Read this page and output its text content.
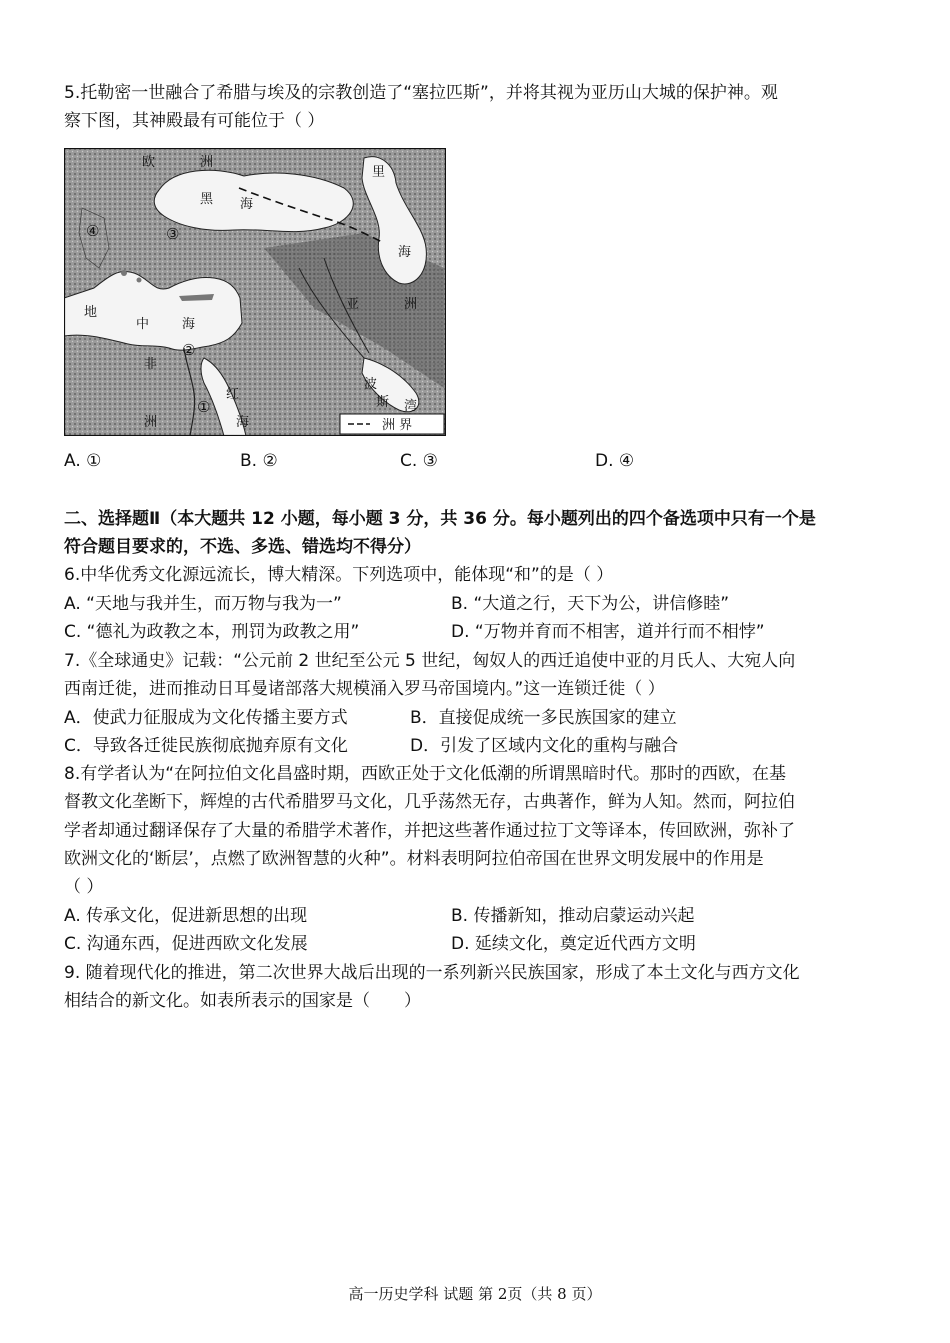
5.托勒密一世融合了希腊与埃及的宗教创造了“塞拉匹斯”，并将其视为亚历山大城的保护神。观
察下图，其神殿最有可能位于（ ）
欧	洲
黑 海
里
海
亚	洲
地
中	海
非
洲
红
海
波
斯 湾
④	③
②
①
洲 界
A. ①	B. ②	C. ③	D. ④
二、选择题Ⅱ（本大题共 12 小题，每小题 3 分，共 36 分。每小题列出的四个备选项中只有一个是
符合题目要求的，不选、多选、错选均不得分）
6.中华优秀文化源远流长，博大精深。下列选项中，能体现“和”的是（ ）
A. “天地与我并生，而万物与我为一”	B. “大道之行，天下为公，讲信修睦”
C. “德礼为政教之本，刑罚为政教之用”	D. “万物并育而不相害，道并行而不相悖”
7.《全球通史》记载：“公元前 2 世纪至公元 5 世纪，匈奴人的西迁追使中亚的月氏人、大宛人向
西南迁徙，进而推动日耳曼诸部落大规模涌入罗马帝国境内。”这一连锁迁徙（ ）
A．使武力征服成为文化传播主要方式	B．直接促成统一多民族国家的建立
C．导致各迁徙民族彻底抛弃原有文化	D．引发了区域内文化的重构与融合
8.有学者认为“在阿拉伯文化昌盛时期，西欧正处于文化低潮的所谓黑暗时代。那时的西欧，在基
督教文化垄断下，辉煌的古代希腊罗马文化，几乎荡然无存，古典著作，鲜为人知。然而，阿拉伯
学者却通过翻译保存了大量的希腊学术著作，并把这些著作通过拉丁文等译本，传回欧洲，弥补了
欧洲文化的‘断层’，点燃了欧洲智慧的火种”。材料表明阿拉伯帝国在世界文明发展中的作用是
（ ）
A. 传承文化，促进新思想的出现	B. 传播新知，推动启蒙运动兴起
C. 沟通东西，促进西欧文化发展	D. 延续文化，奠定近代西方文明
9. 随着现代化的推进，第二次世界大战后出现的一系列新兴民族国家，形成了本土文化与西方文化
相结合的新文化。如表所表示的国家是（　　）
高一历史学科 试题 第 2页（共 8 页）
